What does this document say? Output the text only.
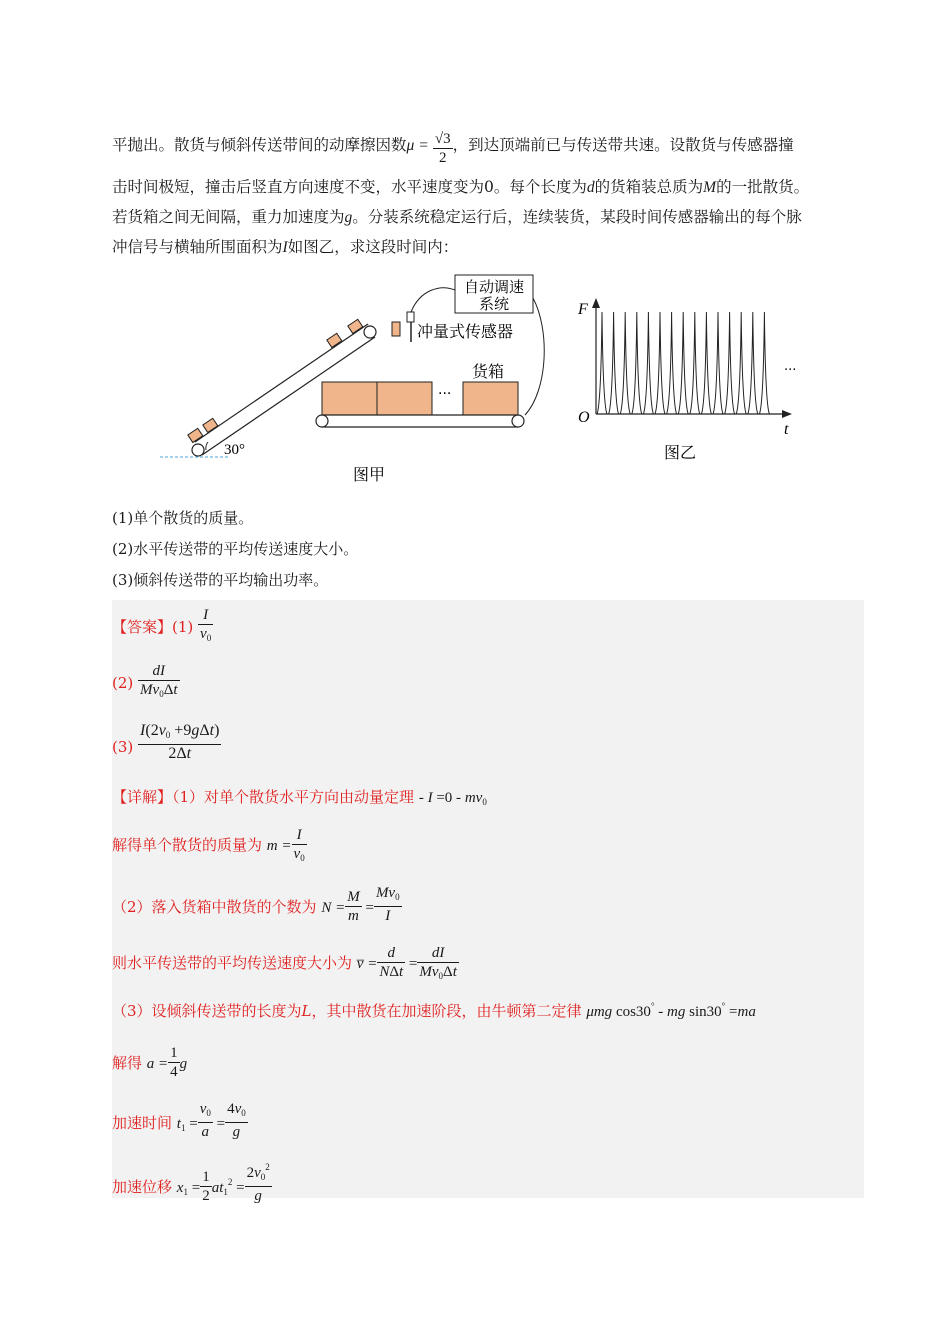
平抛出。散货与倾斜传送带间的动摩擦因数$\mu = \frac{√3}{2}$ ，到达顶端前已与传送带共速。设散货与传感器撞
击时间极短，撞击后竖直方向速度不变，水平速度变为0。每个长度为d的货箱装总质为M的一批散货。
若货箱之间无间隔，重力加速度为g。分装系统稳定运行后，连续装货，某段时间传感器输出的每个脉
冲信号与横轴所围面积为I如图乙，求这段时间内：
30°
冲量式传感器
自动调速
系统
···
货箱
图甲
F
O
t
···
图乙
(1)单个散货的质量。
(2)水平传送带的平均传送速度大小。
(3)倾斜传送带的平均输出功率。
【答案】$(1) \frac{I}{v_0}$
$(2) \frac{dI}{Mv_0\Delta t}$
$(3) \frac{I(2v_0 +9g\Delta t)}{2\Delta t}$
【详解】（1）对单个散货水平方向由动量定理 - $I =0 - mv_0$
解得单个散货的质量为 $m = \frac{I}{v_0}$
（2）落入货箱中散货的个数为 $N = \frac{M}{m} = \frac{Mv_0}{I}$
则水平传送带的平均传送速度大小为 v̅ = $\frac{d}{\text{NΔt}} = \frac{dI}{Mv_0\Delta t}$
（3）设倾斜传送带的长度为L，其中散货在加速阶段，由牛顿第二定律 μmg cos30° - mg sin30° =ma
解得 $a = \frac{1}{4}$ g
加速时间 $t_1 = \frac{v_0}{a} = \frac{4v_0}{g}$
加速位移 $x_1 = \frac{1}{2} at_1^2 = \frac{2v_0^2}{g}$
